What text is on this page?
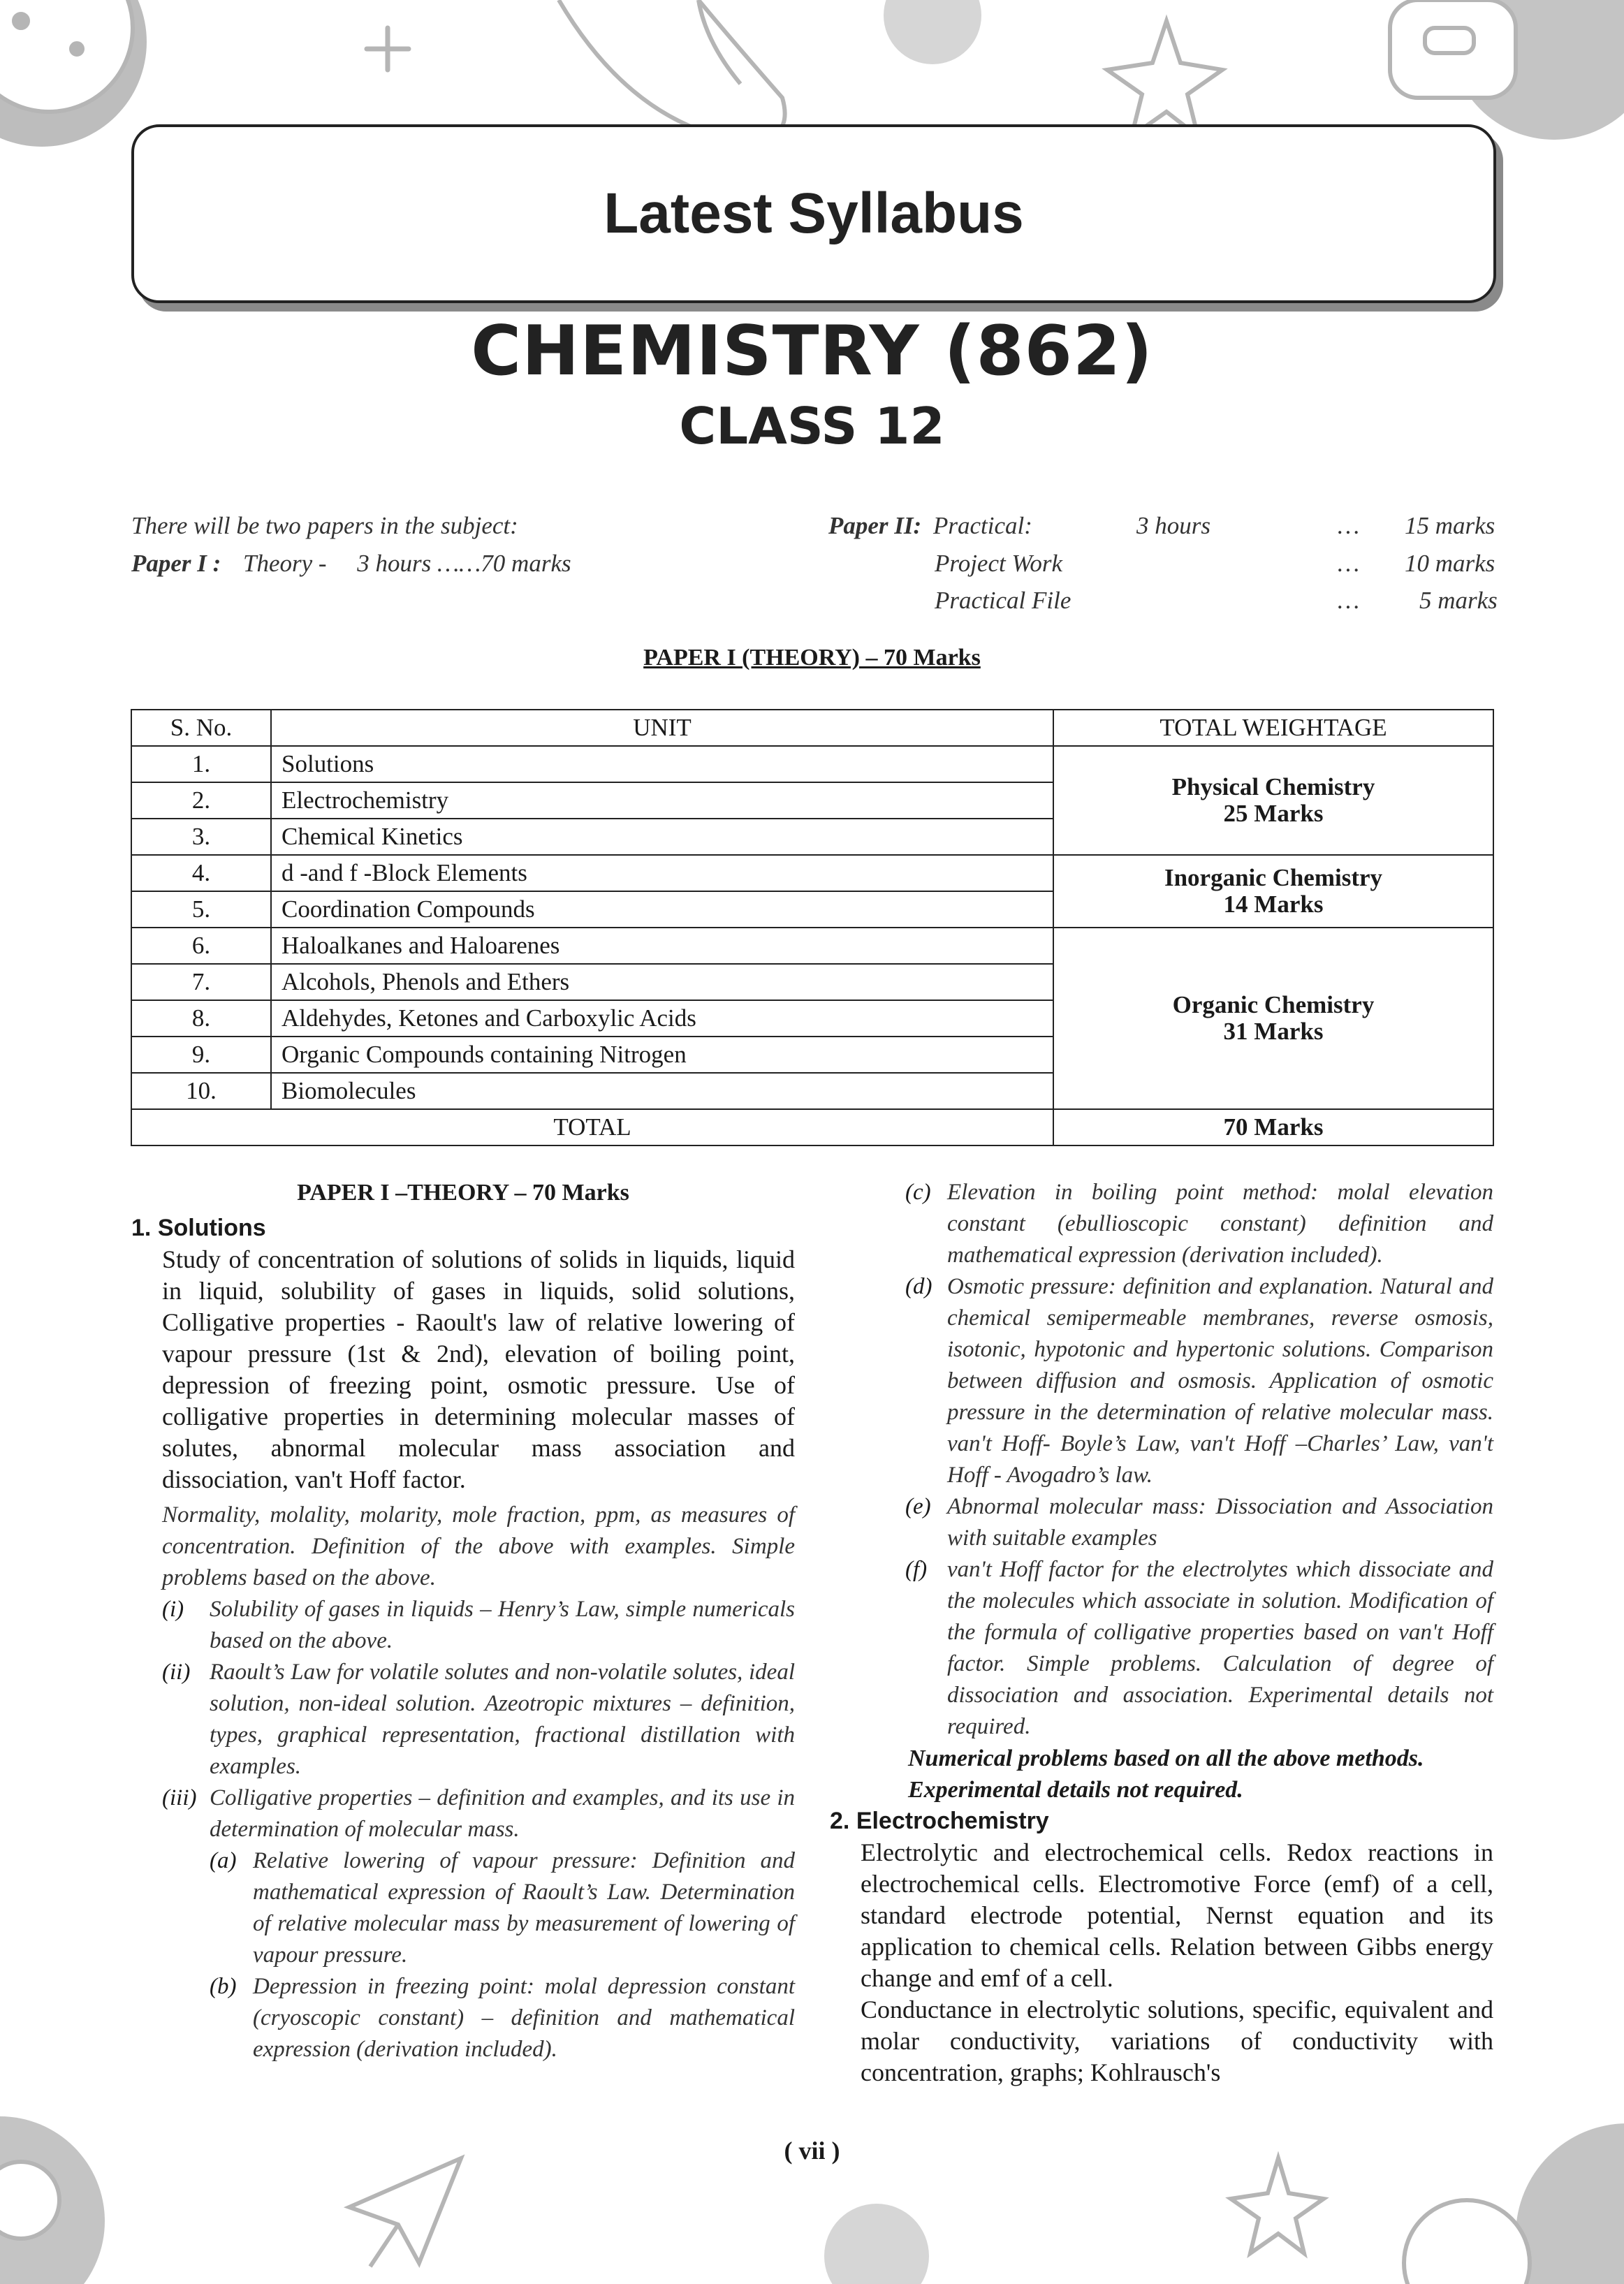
Latest Syllabus
CHEMISTRY (862)
CLASS 12
There will be two papers in the subject:
Paper I : Theory -     3 hours ……70 marks
Paper II: Practical:	3 hours	… 15 marks
Project Work	… 10 marks
Practical File	… 5 marks
PAPER I (THEORY) – 70 Marks
S. No.	UNIT	TOTAL WEIGHTAGE
1.	Solutions	Physical Chemistry
25 Marks
2.	Electrochemistry	
3.	Chemical Kinetics	
4.	d -and f -Block Elements	Inorganic Chemistry
14 Marks
5.	Coordination Compounds	
6.	Haloalkanes and Haloarenes	Organic Chemistry
31 Marks
7.	Alcohols, Phenols and Ethers	
8.	Aldehydes, Ketones and Carboxylic Acids	
9.	Organic Compounds containing Nitrogen	
10.	Biomolecules	
TOTAL		70 Marks

PAPER I –THEORY – 70 Marks

1. Solutions

Study of concentration of solutions of solids in liquids, liquid in liquid, solubility of gases in liquids, solid solutions, Colligative properties - Raoult's law of relative lowering of vapour pressure (1st & 2nd), elevation of boiling point, depression of freezing point, osmotic pressure. Use of colligative properties in determining molecular masses of solutes, abnormal molecular mass association and dissociation, van't Hoff factor.

Normality, molality, molarity, mole fraction, ppm, as measures of concentration. Definition of the above with examples. Simple problems based on the above.

(i)	Solubility of gases in liquids – Henry’s Law, simple numericals based on the above.
(ii) Raoult’s Law for volatile solutes and non-volatile solutes, ideal solution, non-ideal solution. Azeotropic mixtures – definition, types, graphical representation, fractional distillation with examples.
(iii) Colligative properties – definition and examples, and its use in determination of molecular mass.
(a) Relative lowering of vapour pressure: Definition and mathematical expression of Raoult’s Law. Determination of relative molecular mass by measurement of lowering of vapour pressure.
(b) Depression in freezing point: molal depression constant (cryoscopic constant) – definition and mathematical expression (derivation included).
(c) Elevation in boiling point method: molal elevation constant (ebullioscopic constant) definition and mathematical expression (derivation included).
(d) Osmotic pressure: definition and explanation. Natural and chemical semipermeable membranes, reverse osmosis, isotonic, hypotonic and hypertonic solutions. Comparison between diffusion and osmosis. Application of osmotic pressure in the determination of relative molecular mass. van't Hoff- Boyle’s Law, van't Hoff –Charles’ Law, van't Hoff - Avogadro’s law.
(e) Abnormal molecular mass: Dissociation and Association with suitable examples
(f) van't Hoff factor for the electrolytes which dissociate and the molecules which associate in solution. Modification of the formula of colligative properties based on van't Hoff factor. Simple problems. Calculation of degree of dissociation and association. Experimental details not required.

Numerical problems based on all the above methods.

Experimental details not required.

2. Electrochemistry

Electrolytic and electrochemical cells. Redox reactions in electrochemical cells. Electromotive Force (emf) of a cell, standard electrode potential, Nernst equation and its application to chemical cells. Relation between Gibbs energy change and emf of a cell.

Conductance in electrolytic solutions, specific, equivalent and molar conductivity, variations of conductivity with concentration, graphs; Kohlrausch's

( vii )
